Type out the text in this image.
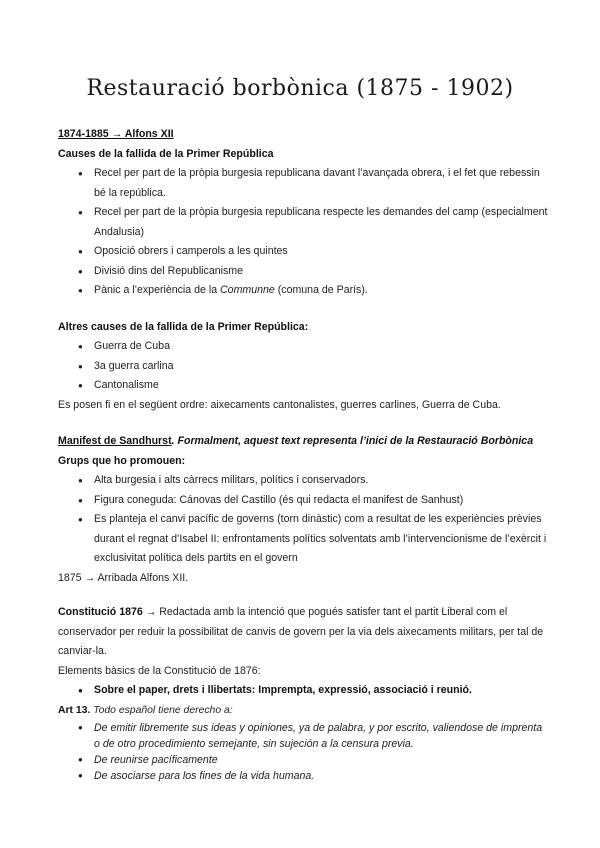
Restauració borbònica (1875 - 1902)
1874-1885 → Alfons XII
Causes de la fallida de la Primer República
● Recel per part de la pròpia burgesia republicana davant l’avançada obrera, i el fet que rebessin bé la república.
● Recel per part de la pròpia burgesia republicana respecte les demandes del camp (especialment Andalusia)
● Oposició obrers i camperols a les quintes
● Divisió dins del Republicanisme
● Pànic a l’experiència de la Communne (comuna de París).
Altres causes de la fallida de la Primer República:
● Guerra de Cuba
● 3a guerra carlina
● Cantonalisme

Es posen fi en el següent ordre: aixecaments cantonalistes, guerres carlines, Guerra de Cuba.

Manifest de Sandhurst. Formalment, aquest text representa l’inici de la Restauració Borbònica
Grups que ho promouen:
● Alta burgesia i alts càrrecs militars, polítics i conservadors.
● Figura coneguda: Cánovas del Castillo (és qui redacta el manifest de Sanhust)
● Es planteja el canvi pacífic de governs (torn dinàstic) com a resultat de les experiències prèvies durant el regnat d’Isabel II: enfrontaments polítics solventats amb l’intervencionisme de l’exèrcit i exclusivitat política dels partits en el govern

1875 → Arribada Alfons XII.

Constitució 1876 → Redactada amb la intenció que pogués satisfer tant el partit Liberal com el conservador per reduir la possibilitat de canvis de govern per la via dels aixecaments militars, per tal de canviar-la.

Elements bàsics de la Constitució de 1876:

● Sobre el paper, drets i llibertats: Imprempta, expressió, associació i reunió.

Art 13. Todo español tiene derecho a:

● De emitir libremente sus ideas y opiniones, ya de palabra, y por escrito, valiendose de imprenta o de otro procedimiento semejante, sin sujeción a la censura previa.
● De reunirse pacíficamente
● De asociarse para los fines de la vida humana.
